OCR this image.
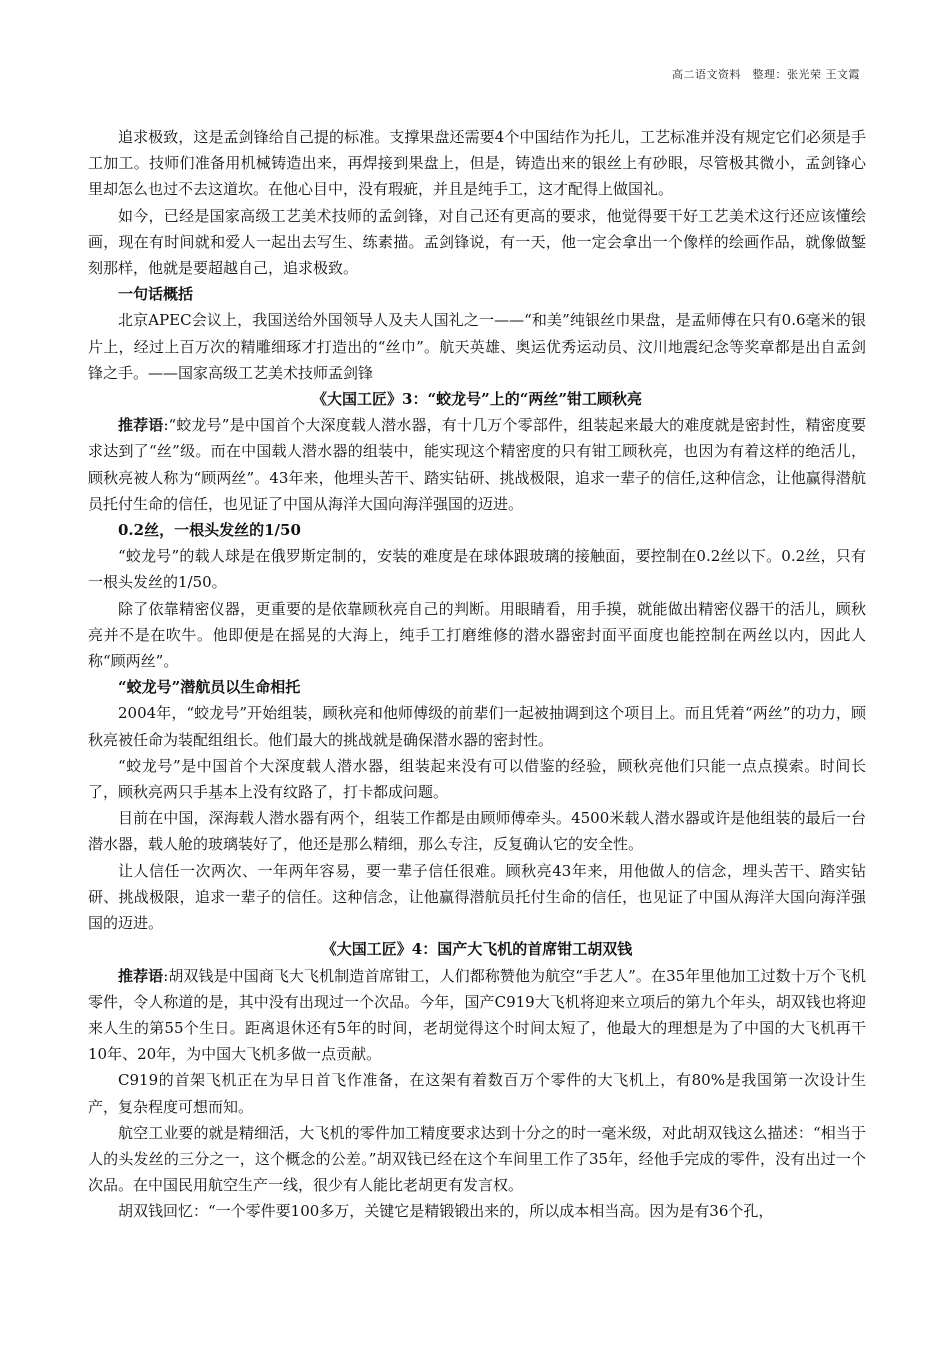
高二语文资料　整理：张光荣 王文霞

追求极致，这是孟剑锋给自己提的标准。支撑果盘还需要4个中国结作为托儿，工艺标准并没有规定它们必须是手工加工。技师们准备用机械铸造出来，再焊接到果盘上，但是，铸造出来的银丝上有砂眼，尽管极其微小，孟剑锋心里却怎么也过不去这道坎。在他心目中，没有瑕疵，并且是纯手工，这才配得上做国礼。

如今，已经是国家高级工艺美术技师的孟剑锋，对自己还有更高的要求，他觉得要干好工艺美术这行还应该懂绘画，现在有时间就和爱人一起出去写生、练素描。孟剑锋说，有一天，他一定会拿出一个像样的绘画作品，就像做錾刻那样，他就是要超越自己，追求极致。

一句话概括

北京APEC会议上，我国送给外国领导人及夫人国礼之一——“和美”纯银丝巾果盘，是孟师傅在只有0.6毫米的银片上，经过上百万次的精雕细琢才打造出的“丝巾”。航天英雄、奥运优秀运动员、汶川地震纪念等奖章都是出自孟剑锋之手。——国家高级工艺美术技师孟剑锋

《大国工匠》3：“蛟龙号”上的“两丝”钳工顾秋亮

推荐语:“蛟龙号”是中国首个大深度载人潜水器，有十几万个零部件，组装起来最大的难度就是密封性，精密度要求达到了“丝”级。而在中国载人潜水器的组装中，能实现这个精密度的只有钳工顾秋亮，也因为有着这样的绝活儿，顾秋亮被人称为“顾两丝”。43年来，他埋头苦干、踏实钻研、挑战极限，追求一辈子的信任,这种信念，让他赢得潜航员托付生命的信任，也见证了中国从海洋大国向海洋强国的迈进。

0.2丝，一根头发丝的1/50

“蛟龙号”的载人球是在俄罗斯定制的，安装的难度是在球体跟玻璃的接触面，要控制在0.2丝以下。0.2丝，只有一根头发丝的1/50。

除了依靠精密仪器，更重要的是依靠顾秋亮自己的判断。用眼睛看，用手摸，就能做出精密仪器干的活儿，顾秋亮并不是在吹牛。他即便是在摇晃的大海上，纯手工打磨维修的潜水器密封面平面度也能控制在两丝以内，因此人称“顾两丝”。

“蛟龙号”潜航员以生命相托

2004年，“蛟龙号”开始组装，顾秋亮和他师傅级的前辈们一起被抽调到这个项目上。而且凭着“两丝”的功力，顾秋亮被任命为装配组组长。他们最大的挑战就是确保潜水器的密封性。

“蛟龙号”是中国首个大深度载人潜水器，组装起来没有可以借鉴的经验，顾秋亮他们只能一点点摸索。时间长了，顾秋亮两只手基本上没有纹路了，打卡都成问题。

目前在中国，深海载人潜水器有两个，组装工作都是由顾师傅牵头。4500米载人潜水器或许是他组装的最后一台潜水器，载人舱的玻璃装好了，他还是那么精细，那么专注，反复确认它的安全性。

让人信任一次两次、一年两年容易，要一辈子信任很难。顾秋亮43年来，用他做人的信念，埋头苦干、踏实钻研、挑战极限，追求一辈子的信任。这种信念，让他赢得潜航员托付生命的信任，也见证了中国从海洋大国向海洋强国的迈进。

《大国工匠》4：国产大飞机的首席钳工胡双钱

推荐语:胡双钱是中国商飞大飞机制造首席钳工，人们都称赞他为航空“手艺人”。在35年里他加工过数十万个飞机零件，令人称道的是，其中没有出现过一个次品。今年，国产C919大飞机将迎来立项后的第九个年头，胡双钱也将迎来人生的第55个生日。距离退休还有5年的时间，老胡觉得这个时间太短了，他最大的理想是为了中国的大飞机再干10年、20年，为中国大飞机多做一点贡献。

C919的首架飞机正在为早日首飞作准备，在这架有着数百万个零件的大飞机上，有80%是我国第一次设计生产，复杂程度可想而知。

航空工业要的就是精细活，大飞机的零件加工精度要求达到十分之的时一毫米级，对此胡双钱这么描述：“相当于人的头发丝的三分之一，这个概念的公差。”胡双钱已经在这个车间里工作了35年，经他手完成的零件，没有出过一个次品。在中国民用航空生产一线，很少有人能比老胡更有发言权。

胡双钱回忆：“一个零件要100多万，关键它是精锻锻出来的，所以成本相当高。因为是有36个孔，
